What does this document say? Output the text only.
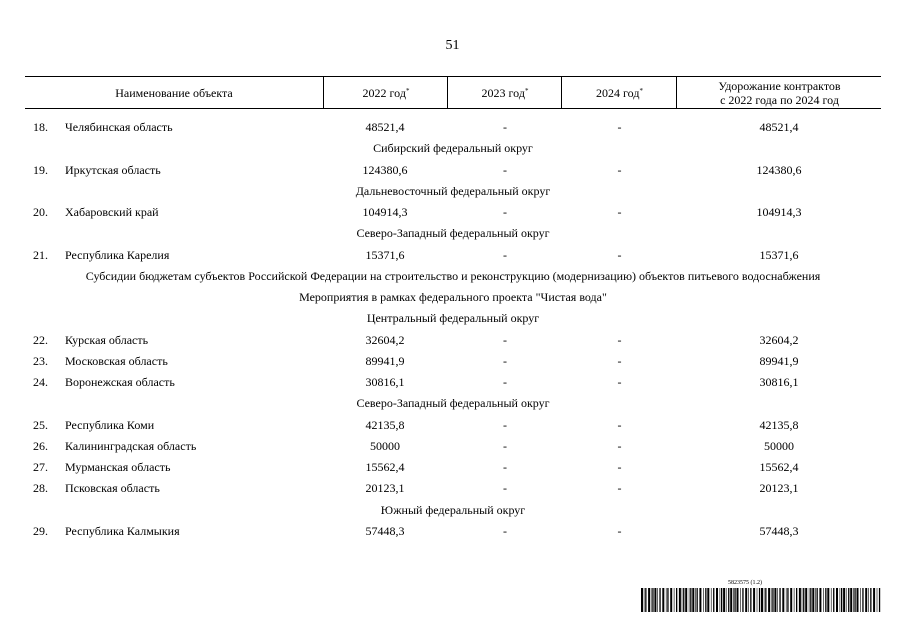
51
Наименование объекта	2022 год*	2023 год*	2024 год*	Удорожание контрактов
с 2022 года по 2024 год
18. Челябинская область	48521,4	-	-	48521,4
Сибирский федеральный округ
19. Иркутская область	124380,6	-	-	124380,6
Дальневосточный федеральный округ
20. Хабаровский край	104914,3	-	-	104914,3
Северо-Западный федеральный округ
21. Республика Карелия	15371,6	-	-	15371,6
Субсидии бюджетам субъектов Российской Федерации на строительство и реконструкцию (модернизацию) объектов питьевого водоснабжения
Мероприятия в рамках федерального проекта "Чистая вода"
Центральный федеральный округ
22. Курская область	32604,2	-	-	32604,2
23. Московская область	89941,9	-	-	89941,9
24. Воронежская область	30816,1	-	-	30816,1
Северо-Западный федеральный округ
25. Республика Коми	42135,8	-	-	42135,8
26. Калининградская область	50000	-	-	50000
27. Мурманская область	15562,4	-	-	15562,4
28. Псковская область	20123,1	-	-	20123,1
Южный федеральный округ
29. Республика Калмыкия	57448,3	-	-	57448,3
5823575 (1.2)
